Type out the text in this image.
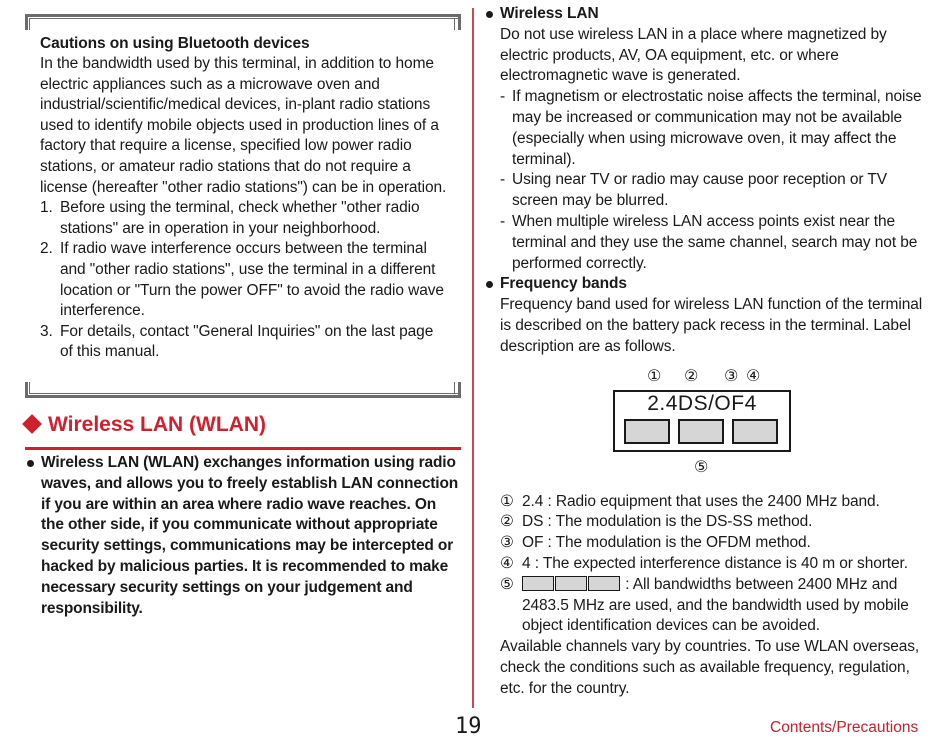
Cautions on using Bluetooth devices
In the bandwidth used by this terminal, in addition to home electric appliances such as a microwave oven and industrial/scientific/medical devices, in-plant radio stations used to identify mobile objects used in production lines of a factory that require a license, specified low power radio stations, or amateur radio stations that do not require a license (hereafter "other radio stations") can be in operation.
1. Before using the terminal, check whether "other radio stations" are in operation in your neighborhood.
2. If radio wave interference occurs between the terminal and "other radio stations", use the terminal in a different location or "Turn the power OFF" to avoid the radio wave interference.
3. For details, contact "General Inquiries" on the last page of this manual.
Wireless LAN (WLAN)
Wireless LAN (WLAN) exchanges information using radio waves, and allows you to freely establish LAN connection if you are within an area where radio wave reaches. On the other side, if you communicate without appropriate security settings, communications may be intercepted or hacked by malicious parties. It is recommended to make necessary security settings on your judgement and responsibility.
Wireless LAN
Do not use wireless LAN in a place where magnetized by electric products, AV, OA equipment, etc. or where electromagnetic wave is generated.
- If magnetism or electrostatic noise affects the terminal, noise may be increased or communication may not be available (especially when using microwave oven, it may affect the terminal).
- Using near TV or radio may cause poor reception or TV screen may be blurred.
- When multiple wireless LAN access points exist near the terminal and they use the same channel, search may not be performed correctly.
Frequency bands
Frequency band used for wireless LAN function of the terminal is described on the battery pack recess in the terminal. Label description are as follows.
① ② ③ ④
2.4DS/OF4
⑤
① 2.4 : Radio equipment that uses the 2400 MHz band.
② DS : The modulation is the DS-SS method.
③ OF : The modulation is the OFDM method.
④ 4 : The expected interference distance is 40 m or shorter.
⑤	: All bandwidths between 2400 MHz and 2483.5 MHz are used, and the bandwidth used by mobile object identification devices can be avoided.
Available channels vary by countries. To use WLAN overseas, check the conditions such as available frequency, regulation, etc. for the country.
19	Contents/Precautions
